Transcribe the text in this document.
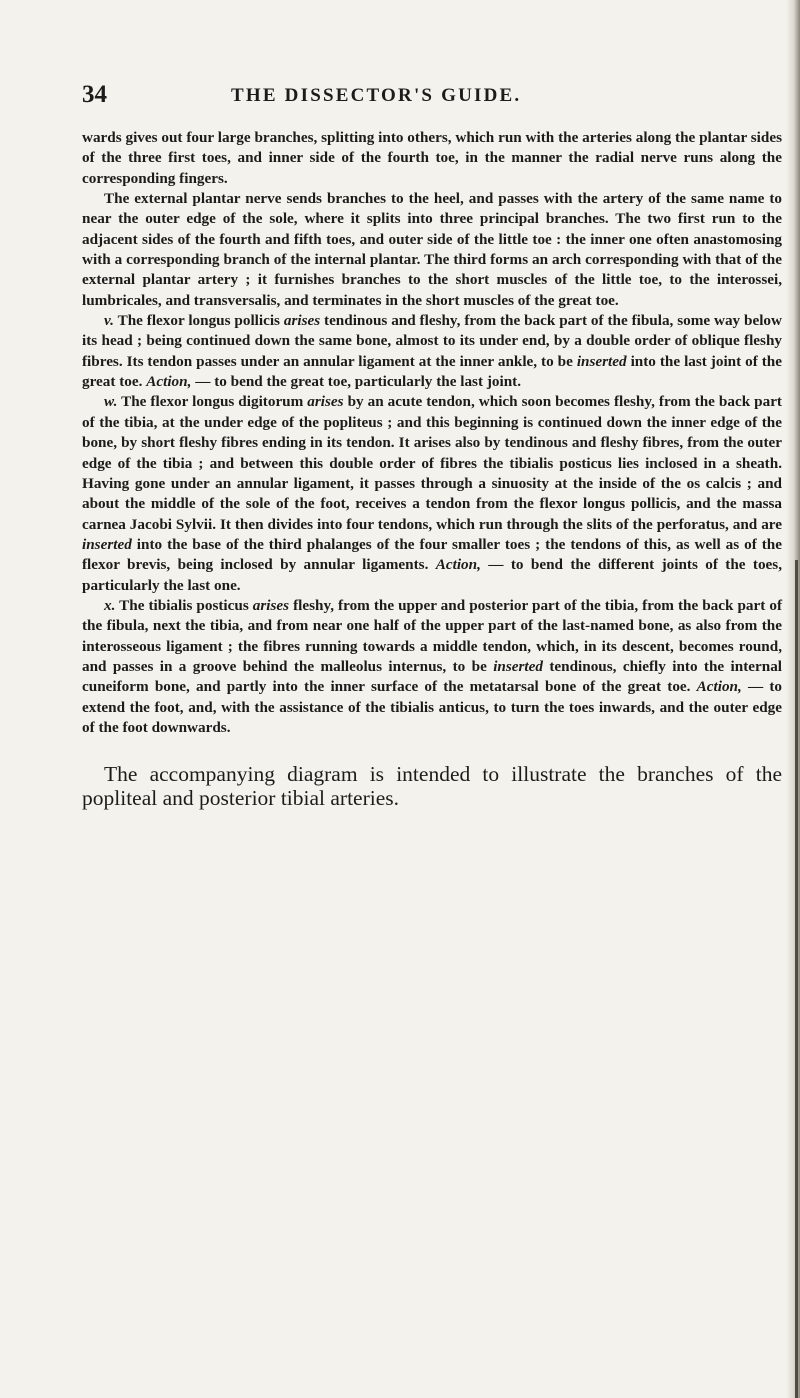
34	THE DISSECTOR'S GUIDE.

wards gives out four large branches, splitting into others, which run with the arteries along the plantar sides of the three first toes, and inner side of the fourth toe, in the manner the radial nerve runs along the corresponding fingers.

The external plantar nerve sends branches to the heel, and passes with the artery of the same name to near the outer edge of the sole, where it splits into three principal branches. The two first run to the adjacent sides of the fourth and fifth toes, and outer side of the little toe : the inner one often anastomosing with a corresponding branch of the internal plantar. The third forms an arch corresponding with that of the external plantar artery ; it furnishes branches to the short muscles of the little toe, to the interossei, lumbricales, and transversalis, and terminates in the short muscles of the great toe.

v. The flexor longus pollicis arises tendinous and fleshy, from the back part of the fibula, some way below its head ; being continued down the same bone, almost to its under end, by a double order of oblique fleshy fibres. Its tendon passes under an annular ligament at the inner ankle, to be inserted into the last joint of the great toe. Action, — to bend the great toe, particularly the last joint.

w. The flexor longus digitorum arises by an acute tendon, which soon becomes fleshy, from the back part of the tibia, at the under edge of the popliteus ; and this beginning is continued down the inner edge of the bone, by short fleshy fibres ending in its tendon. It arises also by tendinous and fleshy fibres, from the outer edge of the tibia ; and between this double order of fibres the tibialis posticus lies inclosed in a sheath. Having gone under an annular ligament, it passes through a sinuosity at the inside of the os calcis ; and about the middle of the sole of the foot, receives a tendon from the flexor longus pollicis, and the massa carnea Jacobi Sylvii. It then divides into four tendons, which run through the slits of the perforatus, and are inserted into the base of the third phalanges of the four smaller toes ; the tendons of this, as well as of the flexor brevis, being inclosed by annular ligaments. Action, — to bend the different joints of the toes, particularly the last one.

x. The tibialis posticus arises fleshy, from the upper and posterior part of the tibia, from the back part of the fibula, next the tibia, and from near one half of the upper part of the last-named bone, as also from the interosseous ligament ; the fibres running towards a middle tendon, which, in its descent, becomes round, and passes in a groove behind the malleolus internus, to be inserted tendinous, chiefly into the internal cuneiform bone, and partly into the inner surface of the metatarsal bone of the great toe. Action, — to extend the foot, and, with the assistance of the tibialis anticus, to turn the toes inwards, and the outer edge of the foot downwards.

The accompanying diagram is intended to illustrate the branches of the popliteal and posterior tibial arteries.
